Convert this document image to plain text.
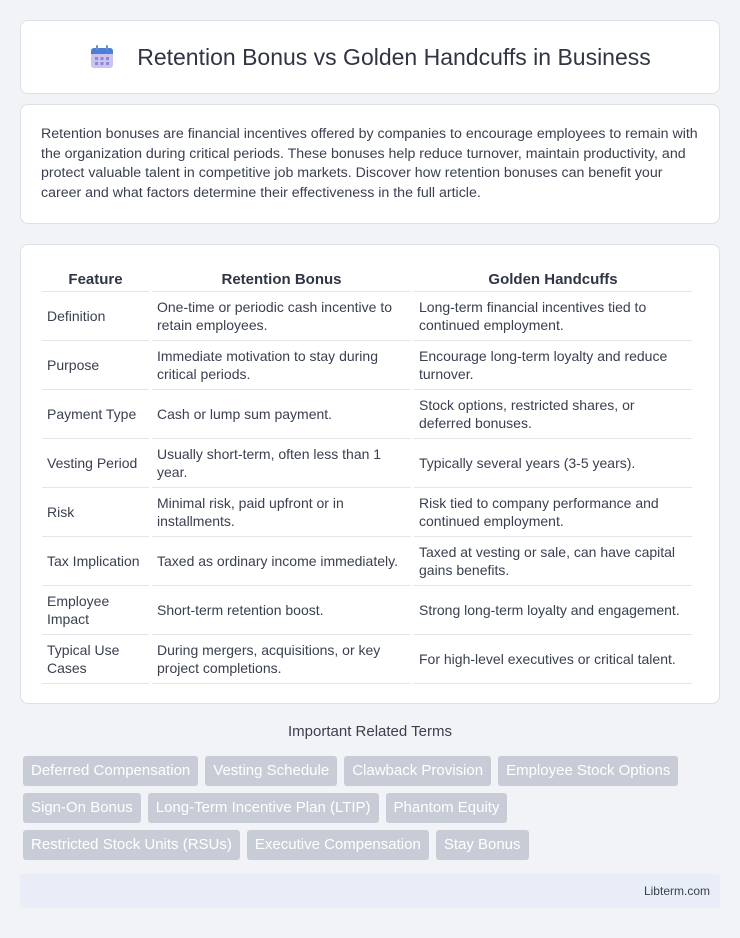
Retention Bonus vs Golden Handcuffs in Business

Retention bonuses are financial incentives offered by companies to encourage employees to remain with the organization during critical periods. These bonuses help reduce turnover, maintain productivity, and protect valuable talent in competitive job markets. Discover how retention bonuses can benefit your career and what factors determine their effectiveness in the full article.

Feature	Retention Bonus	Golden Handcuffs
Definition	One-time or periodic cash incentive to retain employees.	Long-term financial incentives tied to continued employment.
Purpose	Immediate motivation to stay during critical periods.	Encourage long-term loyalty and reduce turnover.
Payment Type	Cash or lump sum payment.	Stock options, restricted shares, or deferred bonuses.
Vesting Period	Usually short-term, often less than 1 year.	Typically several years (3-5 years).
Risk	Minimal risk, paid upfront or in installments.	Risk tied to company performance and continued employment.
Tax Implication	Taxed as ordinary income immediately.	Taxed at vesting or sale, can have capital gains benefits.
Employee Impact	Short-term retention boost.	Strong long-term loyalty and engagement.
Typical Use Cases	During mergers, acquisitions, or key project completions.	For high-level executives or critical talent.
Important Related Terms
Deferred Compensation	Vesting Schedule	Clawback Provision	Employee Stock Options
Sign-On Bonus	Long-Term Incentive Plan (LTIP)	Phantom Equity
Restricted Stock Units (RSUs)	Executive Compensation	Stay Bonus
Libterm.com
